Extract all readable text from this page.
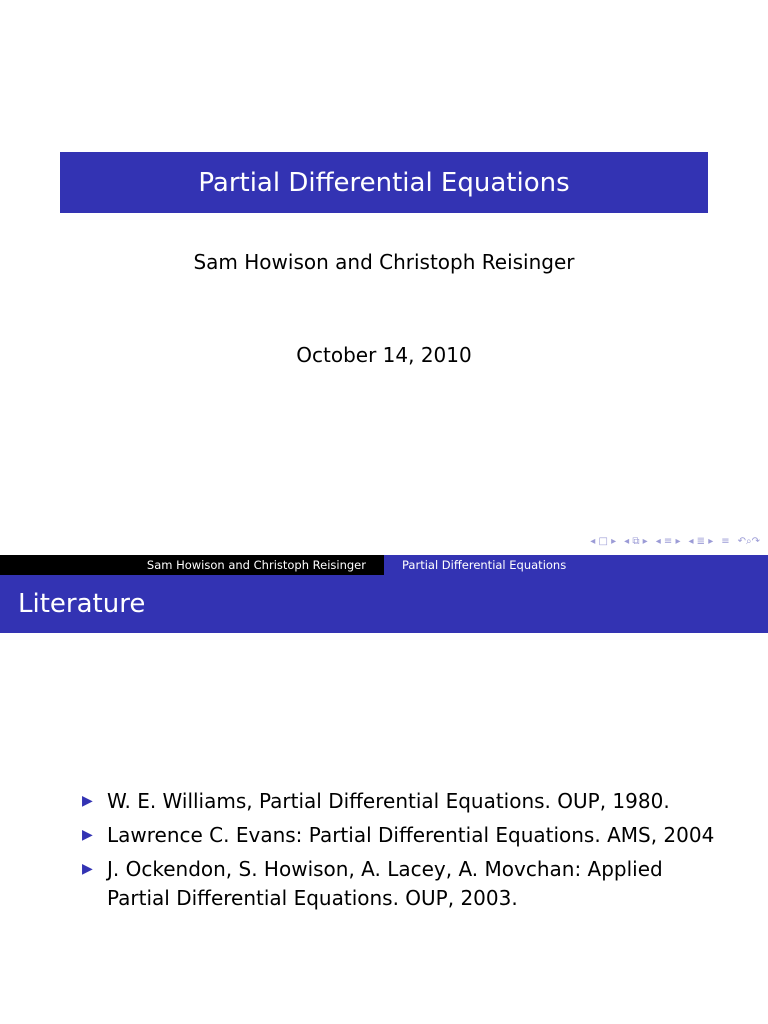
Partial Differential Equations
Sam Howison and Christoph Reisinger
October 14, 2010
◂ □ ▸ ◂ ⧉ ▸ ◂ ≡ ▸ ◂ ≣ ▸ ≡ ↶⌕↷
Sam Howison and Christoph Reisinger	Partial Differential Equations
Literature
▶ W. E. Williams, Partial Differential Equations. OUP, 1980.
▶ Lawrence C. Evans: Partial Differential Equations. AMS, 2004
▶ J. Ockendon, S. Howison, A. Lacey, A. Movchan: Applied Partial Differential Equations. OUP, 2003.
